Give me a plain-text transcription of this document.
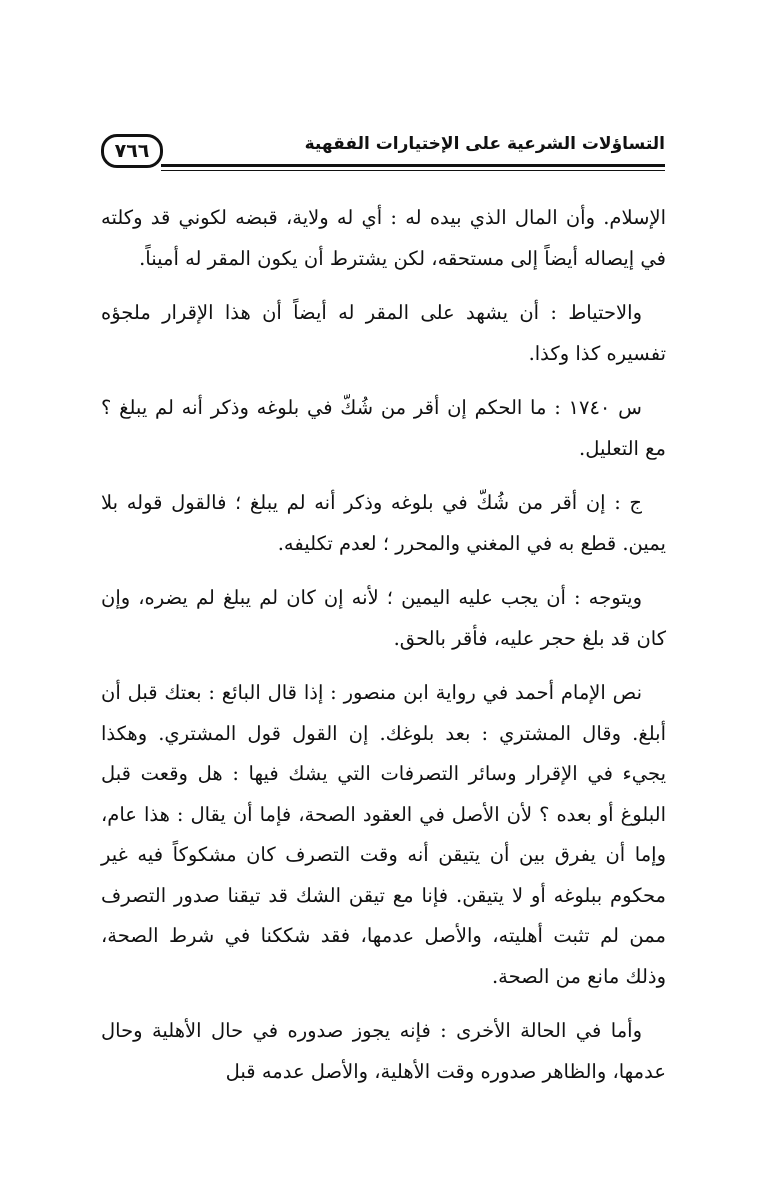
٧٦٦	التساؤلات الشرعية على الإختيارات الفقهية

الإسلام. وأن المال الذي بيده له : أي له ولاية، قبضه لكوني قد وكلته في إيصاله أيضاً إلى مستحقه، لكن يشترط أن يكون المقر له أميناً.

والاحتياط : أن يشهد على المقر له أيضاً أن هذا الإقرار ملجؤه تفسيره كذا وكذا.

س ١٧٤٠ : ما الحكم إن أقر من شُكّ في بلوغه وذكر أنه لم يبلغ ؟ مع التعليل.

ج : إن أقر من شُكّ في بلوغه وذكر أنه لم يبلغ ؛ فالقول قوله بلا يمين. قطع به في المغني والمحرر ؛ لعدم تكليفه.

ويتوجه : أن يجب عليه اليمين ؛ لأنه إن كان لم يبلغ لم يضره، وإن كان قد بلغ حجر عليه، فأقر بالحق.

نص الإمام أحمد في رواية ابن منصور : إذا قال البائع : بعتك قبل أن أبلغ. وقال المشتري : بعد بلوغك. إن القول قول المشتري. وهكذا يجيء في الإقرار وسائر التصرفات التي يشك فيها : هل وقعت قبل البلوغ أو بعده ؟ لأن الأصل في العقود الصحة، فإما أن يقال : هذا عام، وإما أن يفرق بين أن يتيقن أنه وقت التصرف كان مشكوكاً فيه غير محكوم ببلوغه أو لا يتيقن. فإنا مع تيقن الشك قد تيقنا صدور التصرف ممن لم تثبت أهليته، والأصل عدمها، فقد شككنا في شرط الصحة، وذلك مانع من الصحة.

وأما في الحالة الأخرى : فإنه يجوز صدوره في حال الأهلية وحال عدمها، والظاهر صدوره وقت الأهلية، والأصل عدمه قبل
